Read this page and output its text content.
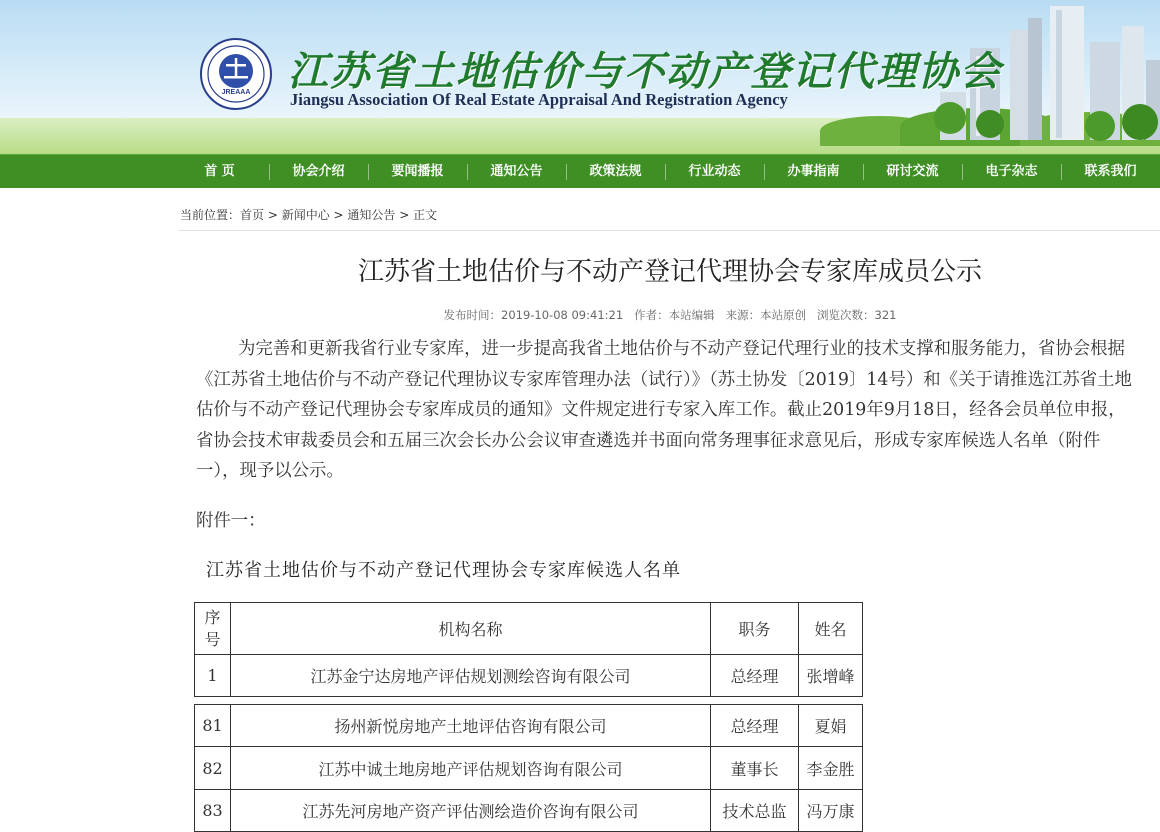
JREAAA 江苏省土地估价与不动产登记代理协会
Jiangsu Association Of Real Estate Appraisal And Registration Agency
首 页	协会介绍	要闻播报	通知公告	政策法规	行业动态	办事指南	研讨交流	电子杂志	联系我们
当前位置：首页 > 新闻中心 > 通知公告 > 正文
江苏省土地估价与不动产登记代理协会专家库成员公示
发布时间：2019-10-08 09:41:21 作者：本站编辑 来源：本站原创 浏览次数：321

为完善和更新我省行业专家库，进一步提高我省土地估价与不动产登记代理行业的技术支撑和服务能力，省协会根据《江苏省土地估价与不动产登记代理协议专家库管理办法（试行）》（苏土协发〔2019〕14号）和《关于请推选江苏省土地估价与不动产登记代理协会专家库成员的通知》文件规定进行专家入库工作。截止2019年9月18日，经各会员单位申报，省协会技术审裁委员会和五届三次会长办公会议审查遴选并书面向常务理事征求意见后，形成专家库候选人名单（附件一），现予以公示。

附件一：
江苏省土地估价与不动产登记代理协会专家库候选人名单
序号	机构名称	职务	姓名
1	江苏金宁达房地产评估规划测绘咨询有限公司	总经理	张增峰
81	扬州新悦房地产土地评估咨询有限公司	总经理	夏娟
82	江苏中诚土地房地产评估规划咨询有限公司	董事长	李金胜
83	江苏先河房地产资产评估测绘造价咨询有限公司	技术总监	冯万康
